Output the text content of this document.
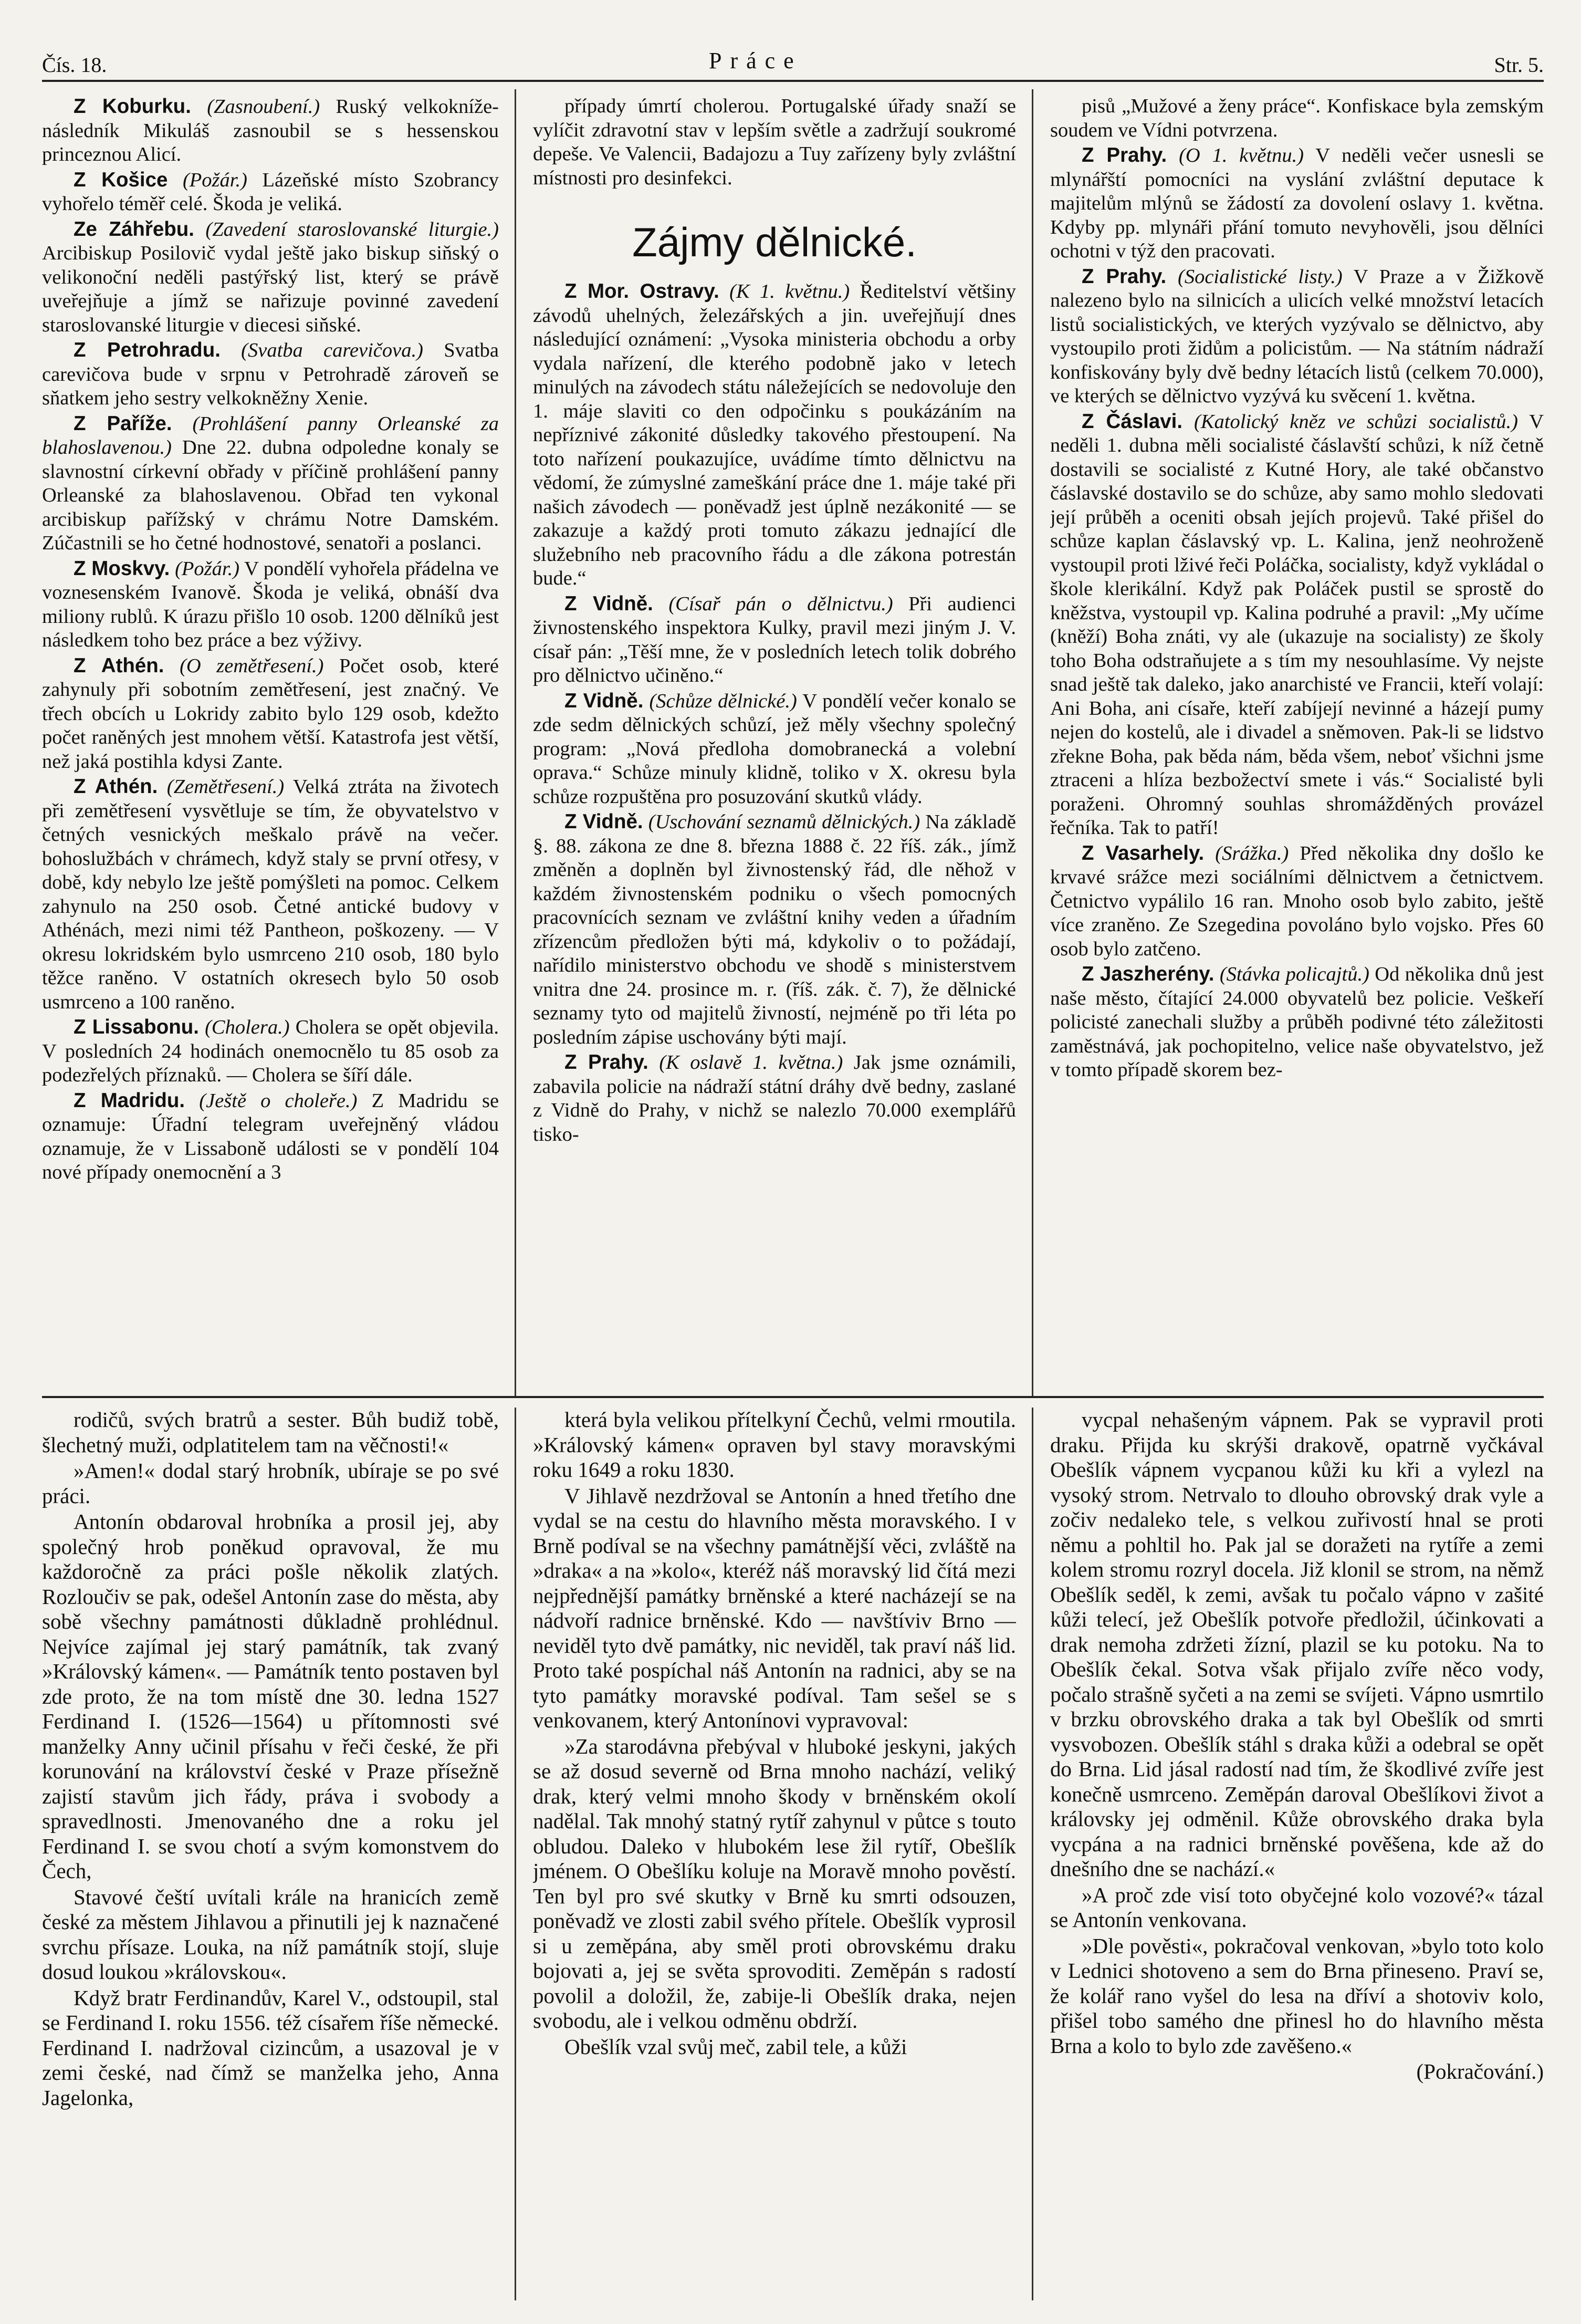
Čís. 18.	Práce	Str. 5.

Z Koburku. (Zasnoubení.) Ruský velkokníže-následník Mikuláš zasnoubil se s hessenskou princeznou Alicí.

Z Košice (Požár.) Lázeňské místo Szobrancy vyhořelo téměř celé. Škoda je veliká.

Ze Záhřebu. (Zavedení staroslovanské liturgie.) Arcibiskup Posilovič vydal ještě jako biskup siňský o velikonoční neděli pastýřský list, který se právě uveřejňuje a jímž se nařizuje povinné zavedení staroslovanské liturgie v diecesi siňské.

Z Petrohradu. (Svatba carevičova.) Svatba carevičova bude v srpnu v Petrohradě zároveň se sňatkem jeho sestry velkokněžny Xenie.

Z Paříže. (Prohlášení panny Orleanské za blahoslavenou.) Dne 22. dubna odpoledne konaly se slavnostní církevní obřady v příčině prohlášení panny Orleanské za blahoslavenou. Obřad ten vykonal arcibiskup pařížský v chrámu Notre Damském. Zúčastnili se ho četné hodnostové, senatoři a poslanci.

Z Moskvy. (Požár.) V pondělí vyhořela přádelna ve voznesenském Ivanově. Škoda je veliká, obnáší dva miliony rublů. K úrazu přišlo 10 osob. 1200 dělníků jest následkem toho bez práce a bez výživy.

Z Athén. (O zemětřesení.) Počet osob, které zahynuly při sobotním zemětřesení, jest značný. Ve třech obcích u Lokridy zabito bylo 129 osob, kdežto počet raněných jest mnohem větší. Katastrofa jest větší, než jaká postihla kdysi Zante.

Z Athén. (Zemětřesení.) Velká ztráta na životech při zemětřesení vysvětluje se tím, že obyvatelstvo v četných vesnických meškalo právě na večer. bohoslužbách v chrámech, když staly se první otřesy, v době, kdy nebylo lze ještě pomýšleti na pomoc. Celkem zahynulo na 250 osob. Četné antické budovy v Athénách, mezi nimi též Pantheon, poškozeny. — V okresu lokridském bylo usmrceno 210 osob, 180 bylo těžce raněno. V ostatních okresech bylo 50 osob usmrceno a 100 raněno.

Z Lissabonu. (Cholera.) Cholera se opět objevila. V posledních 24 hodinách onemocnělo tu 85 osob za podezřelých příznaků. — Cholera se šíří dále.

Z Madridu. (Ještě o choleře.) Z Madridu se oznamuje: Úřadní telegram uveřejněný vládou oznamuje, že v Lissaboně události se v pondělí 104 nové případy onemocnění a 3

případy úmrtí cholerou. Portugalské úřady snaží se vylíčit zdravotní stav v lepším světle a zadržují soukromé depeše. Ve Valencii, Badajozu a Tuy zařízeny byly zvláštní místnosti pro desinfekci.

Zájmy dělnické.

Z Mor. Ostravy. (K 1. květnu.) Ředitelství většiny závodů uhelných, železářských a jin. uveřejňují dnes následující oznámení: „Vysoka ministeria obchodu a orby vydala nařízení, dle kterého podobně jako v letech minulých na závodech státu náležejících se nedovoluje den 1. máje slaviti co den odpočinku s poukázáním na nepříznivé zákonité důsledky takového přestoupení. Na toto nařízení poukazujíce, uvádíme tímto dělnictvu na vědomí, že zúmyslné zameškání práce dne 1. máje také při našich závodech — poněvadž jest úplně nezákonité — se zakazuje a každý proti tomuto zákazu jednající dle služebního neb pracovního řádu a dle zákona potrestán bude.“

Z Vidně. (Císař pán o dělnictvu.) Při audienci živnostenského inspektora Kulky, pravil mezi jiným J. V. císař pán: „Těší mne, že v posledních letech tolik dobrého pro dělnictvo učiněno.“

Z Vidně. (Schůze dělnické.) V pondělí večer konalo se zde sedm dělnických schůzí, jež měly všechny společný program: „Nová předloha domobranecká a volební oprava.“ Schůze minuly klidně, toliko v X. okresu byla schůze rozpuštěna pro posuzování skutků vlády.

Z Vidně. (Uschování seznamů dělnických.) Na základě §. 88. zákona ze dne 8. března 1888 č. 22 říš. zák., jímž změněn a doplněn byl živnostenský řád, dle něhož v každém živnostenském podniku o všech pomocných pracovnících seznam ve zvláštní knihy veden a úřadním zřízencům předložen býti má, kdykoliv o to požádají, nařídilo ministerstvo obchodu ve shodě s ministerstvem vnitra dne 24. prosince m. r. (říš. zák. č. 7), že dělnické seznamy tyto od majitelů živností, nejméně po tři léta po posledním zápise uschovány býti mají.

Z Prahy. (K oslavě 1. května.) Jak jsme oznámili, zabavila policie na nádraží státní dráhy dvě bedny, zaslané z Vidně do Prahy, v nichž se nalezlo 70.000 exemplářů tisko-

pisů „Mužové a ženy práce“. Konfiskace byla zemským soudem ve Vídni potvrzena.

Z Prahy. (O 1. květnu.) V neděli večer usnesli se mlynářští pomocníci na vyslání zvláštní deputace k majitelům mlýnů se žádostí za dovolení oslavy 1. května. Kdyby pp. mlynáři přání tomuto nevyhověli, jsou dělníci ochotni v týž den pracovati.

Z Prahy. (Socialistické listy.) V Praze a v Žižkově nalezeno bylo na silnicích a ulicích velké množství letacích listů socialistických, ve kterých vyzývalo se dělnictvo, aby vystoupilo proti židům a policistům. — Na státním nádraží konfiskovány byly dvě bedny létacích listů (celkem 70.000), ve kterých se dělnictvo vyzývá ku svěcení 1. května.

Z Čáslavi. (Katolický kněz ve schůzi socialistů.) V neděli 1. dubna měli socialisté čáslavští schůzi, k níž četně dostavili se socialisté z Kutné Hory, ale také občanstvo čáslavské dostavilo se do schůze, aby samo mohlo sledovati její průběh a oceniti obsah jejích projevů. Také přišel do schůze kaplan čáslavský vp. L. Kalina, jenž neohroženě vystoupil proti lživé řeči Poláčka, socialisty, když vykládal o škole klerikální. Když pak Poláček pustil se sprostě do kněžstva, vystoupil vp. Kalina podruhé a pravil: „My učíme (kněží) Boha znáti, vy ale (ukazuje na socialisty) ze školy toho Boha odstraňujete a s tím my nesouhlasíme. Vy nejste snad ještě tak daleko, jako anarchisté ve Francii, kteří volají: Ani Boha, ani císaře, kteří zabíjejí nevinné a házejí pumy nejen do kostelů, ale i divadel a sněmoven. Pak-li se lidstvo zřekne Boha, pak běda nám, běda všem, neboť všichni jsme ztraceni a hlíza bezbožectví smete i vás.“ Socialisté byli poraženi. Ohromný souhlas shromážděných provázel řečníka. Tak to patří!

Z Vasarhely. (Srážka.) Před několika dny došlo ke krvavé srážce mezi sociálními dělnictvem a četnictvem. Četnictvo vypálilo 16 ran. Mnoho osob bylo zabito, ještě více zraněno. Ze Szegedina povoláno bylo vojsko. Přes 60 osob bylo zatčeno.

Z Jaszherény. (Stávka policajtů.) Od několika dnů jest naše město, čítající 24.000 obyvatelů bez policie. Veškeří policisté zanechali služby a průběh podivné této záležitosti zaměstnává, jak pochopitelno, velice naše obyvatelstvo, jež v tomto případě skorem bez-

rodičů, svých bratrů a sester. Bůh budiž tobě, šlechetný muži, odplatitelem tam na věčnosti!«

»Amen!« dodal starý hrobník, ubíraje se po své práci.

Antonín obdaroval hrobníka a prosil jej, aby společný hrob poněkud opravoval, že mu každoročně za práci pošle několik zlatých. Rozloučiv se pak, odešel Antonín zase do města, aby sobě všechny památnosti důkladně prohlédnul. Nejvíce zajímal jej starý památník, tak zvaný »Královský kámen«. — Památník tento postaven byl zde proto, že na tom místě dne 30. ledna 1527 Ferdinand I. (1526—1564) u přítomnosti své manželky Anny učinil přísahu v řeči české, že při korunování na království české v Praze přísežně zajistí stavům jich řády, práva i svobody a spravedlnosti. Jmenovaného dne a roku jel Ferdinand I. se svou chotí a svým komonstvem do Čech,

Stavové čeští uvítali krále na hranicích země české za městem Jihlavou a přinutili jej k naznačené svrchu přísaze. Louka, na níž památník stojí, slujе dosud loukou »královskou«.

Když bratr Ferdinandův, Karel V., odstoupil, stal se Ferdinand I. roku 1556. též císařem říše německé. Ferdinand I. nadržoval cizincům, a usazoval je v zemi české, nad čímž se manželka jeho, Anna Jagelonka,

která byla velikou přítelkyní Čechů, velmi rmoutila. »Královský kámen« opraven byl stavy moravskými roku 1649 a roku 1830.

V Jihlavě nezdržoval se Antonín a hned třetího dne vydal se na cestu do hlavního města moravského. I v Brně podíval se na všechny památnější věci, zvláště na »draka« a na »kolo«, kteréž náš moravský lid čítá mezi nejpřednější památky brněnské a které nacházejí se na nádvoří radnice brněnské. Kdo — navštíviv Brno — neviděl tyto dvě památky, nic neviděl, tak praví náš lid. Proto také pospíchal náš Antonín na radnici, aby se na tyto památky moravské podíval. Tam sešel se s venkovanem, který Antonínovi vypravoval:

»Za starodávna přebýval v hluboké jeskyni, jakých se až dosud severně od Brna mnoho nachází, veliký drak, který velmi mnoho škody v brněnském okolí nadělal. Tak mnohý statný rytíř zahynul v půtce s touto obludou. Daleko v hlubokém lese žil rytíř, Obešlík jménem. O Obešlíku koluje na Moravě mnoho pověstí. Ten byl pro své skutky v Brně ku smrti odsouzen, poněvadž ve zlosti zabil svého přítele. Obešlík vyprosil si u zeměpána, aby směl proti obrovskému draku bojovati a, jej se světa sprovoditi. Zeměpán s radostí povolil a doložil, že, zabije-li Obešlík draka, nejen svobodu, ale i velkou odměnu obdrží.

Obešlík vzal svůj meč, zabil tele, a kůži

vycpal nehašeným vápnem. Pak se vypravil proti draku. Přijda ku skrýši drakově, opatrně vyčkával Obešlík vápnem vycpanou kůži ku kři a vylezl na vysoký strom. Netrvalo to dlouho obrovský drak vyle a zočiv nedaleko tele, s velkou zuřivostí hnal se proti němu a pohltil ho. Pak jal se doražeti na rytíře a zemi kolem stromu rozryl docela. Již klonil se strom, na němž Obešlík seděl, k zemi, avšak tu počalo vápno v zašité kůži telecí, jež Obešlík potvoře předložil, účinkovati a drak nemohа zdržeti žízní, plazil se ku potoku. Na to Obešlík čekal. Sotva však přijalo zvíře něco vody, počalo strašně syčeti a na zemi se svíjeti. Vápno usmrtilo v brzku obrovského draka a tak byl Obešlík od smrti vysvobozen. Obešlík stáhl s draka kůži a odebral se opět do Brna. Lid jásal radostí nad tím, že škodlivé zvíře jest konečně usmrceno. Zeměpán daroval Obešlíkovi život a královsky jej odměnil. Kůže obrovského draka byla vycpána a na radnici brněnské pověšena, kde až do dnešního dne se nachází.«

»A proč zde visí toto obyčejné kolo vozové?« tázal se Antonín venkovana.

»Dle pověsti«, pokračoval venkovan, »bylo toto kolo v Lednici shotoveno a sem do Brna přineseno. Praví se, že kolář rano vyšel do lesa na dříví a shotoviv kolo, přišel tobo samého dne přinesl ho do hlavního města Brna a kolo to bylo zde zavěšeno.«

(Pokračování.)
